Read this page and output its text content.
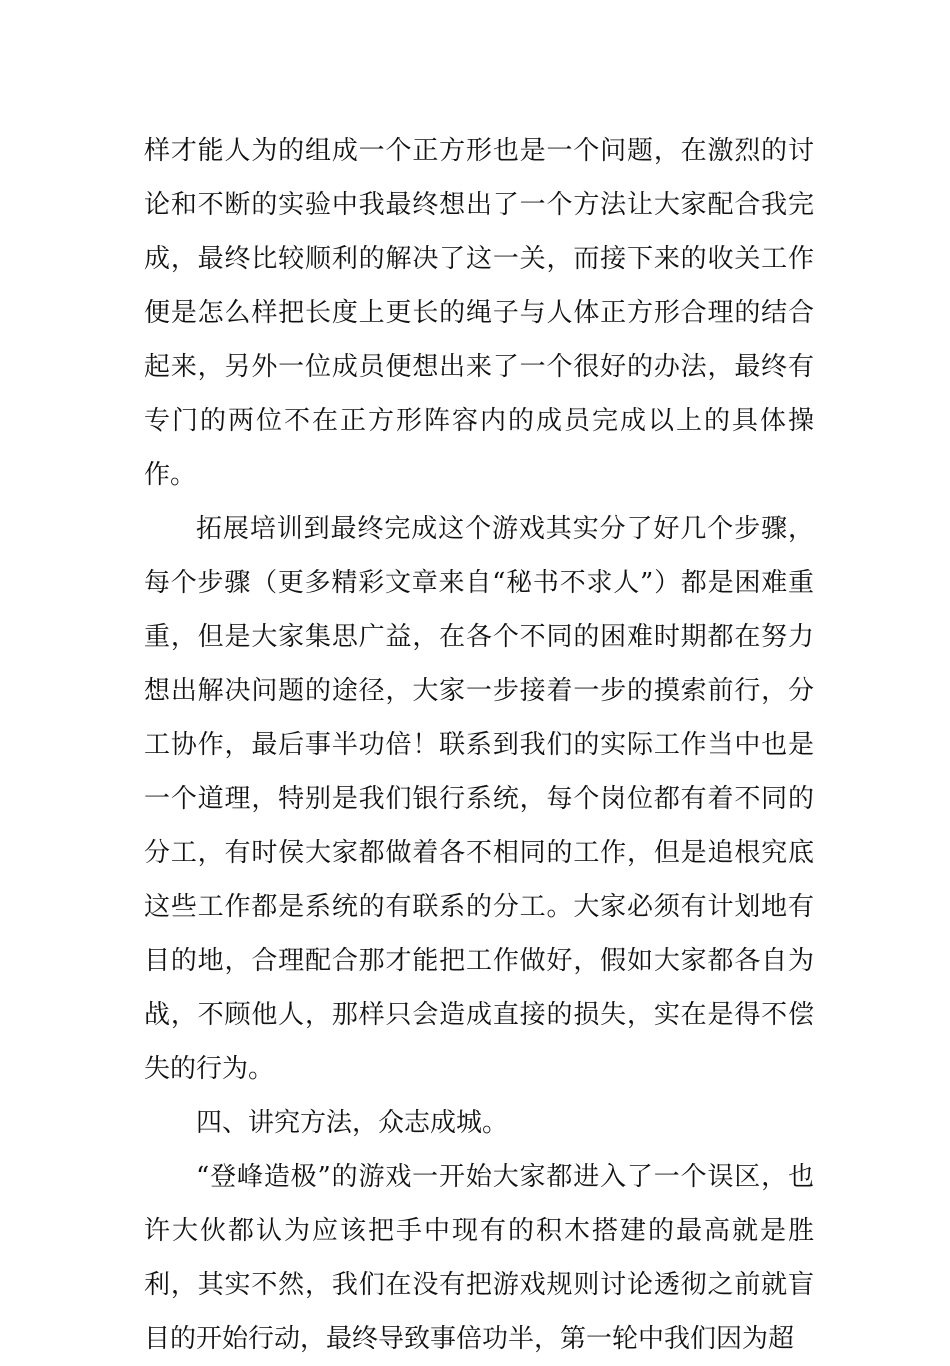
样才能人为的组成一个正方形也是一个问题，在激烈的讨论和不断的实验中我最终想出了一个方法让大家配合我完成，最终比较顺利的解决了这一关，而接下来的收关工作便是怎么样把长度上更长的绳子与人体正方形合理的结合起来，另外一位成员便想出来了一个很好的办法，最终有专门的两位不在正方形阵容内的成员完成以上的具体操作。

拓展培训到最终完成这个游戏其实分了好几个步骤，每个步骤（更多精彩文章来自“秘书不求人”）都是困难重重，但是大家集思广益，在各个不同的困难时期都在努力想出解决问题的途径，大家一步接着一步的摸索前行，分工协作，最后事半功倍！联系到我们的实际工作当中也是一个道理，特别是我们银行系统，每个岗位都有着不同的分工，有时侯大家都做着各不相同的工作，但是追根究底这些工作都是系统的有联系的分工。大家必须有计划地有目的地，合理配合那才能把工作做好，假如大家都各自为战，不顾他人，那样只会造成直接的损失，实在是得不偿失的行为。

四、讲究方法，众志成城。

“登峰造极”的游戏一开始大家都进入了一个误区，也许大伙都认为应该把手中现有的积木搭建的最高就是胜利，其实不然，我们在没有把游戏规则讨论透彻之前就盲目的开始行动，最终导致事倍功半，第一轮中我们因为超
